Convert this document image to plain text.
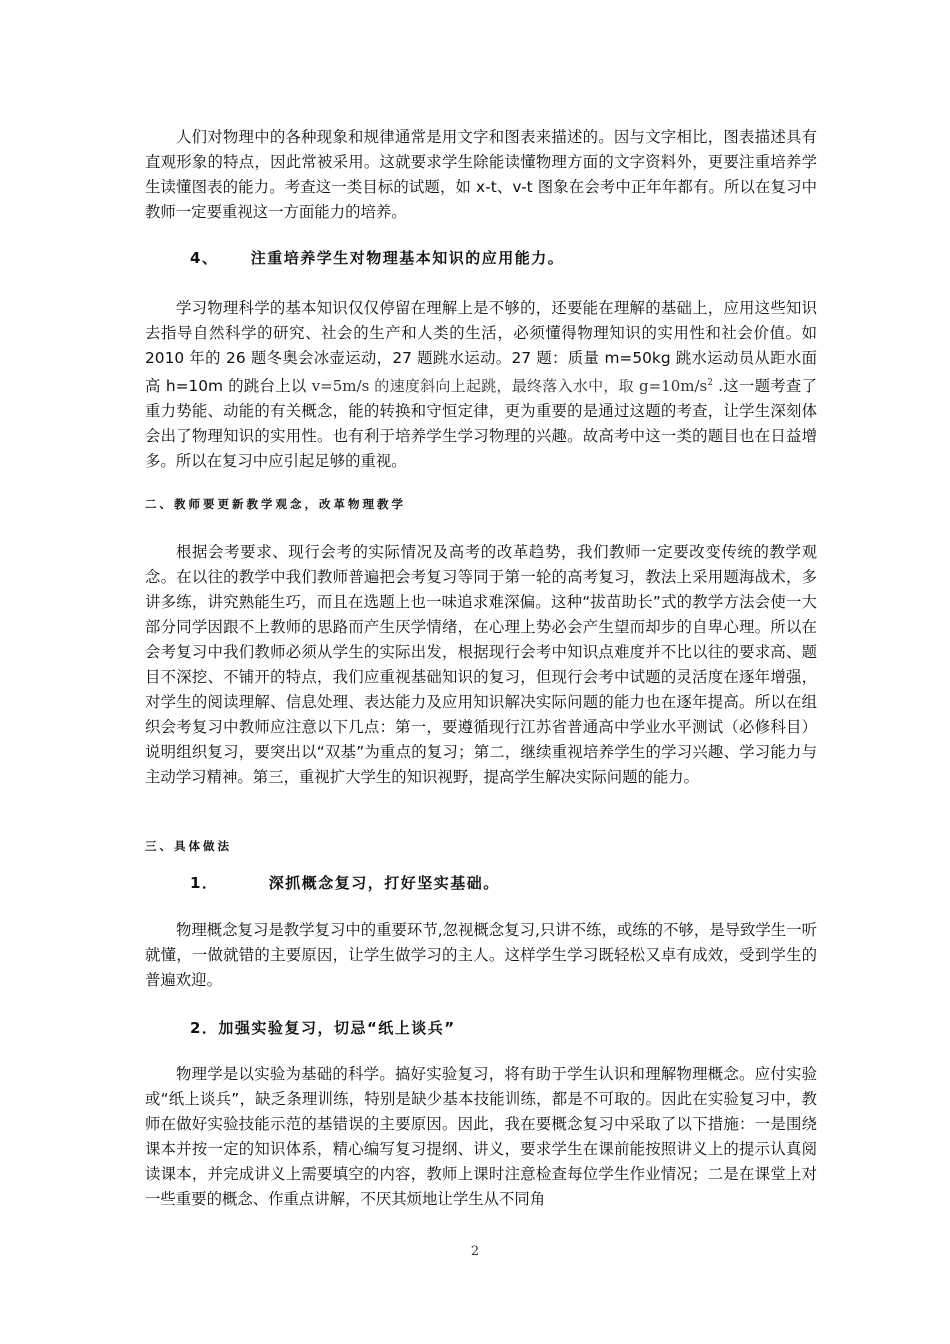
人们对物理中的各种现象和规律通常是用文字和图表来描述的。因与文字相比，图表描述具有直观形象的特点，因此常被采用。这就要求学生除能读懂物理方面的文字资料外，更要注重培养学生读懂图表的能力。考查这一类目标的试题，如 x-t、v-t 图象在会考中正年年都有。所以在复习中教师一定要重视这一方面能力的培养。

4、 注重培养学生对物理基本知识的应用能力。

学习物理科学的基本知识仅仅停留在理解上是不够的，还要能在理解的基础上，应用这些知识去指导自然科学的研究、社会的生产和人类的生活，必须懂得物理知识的实用性和社会价值。如 2010 年的 26 题冬奥会冰壶运动，27 题跳水运动。27 题：质量 m=50kg 跳水运动员从距水面高 h=10m 的跳台上以 v=5m/s 的速度斜向上起跳，最终落入水中，取 $g=10m/s^2$ .这一题考查了重力势能、动能的有关概念，能的转换和守恒定律，更为重要的是通过这题的考查，让学生深刻体会出了物理知识的实用性。也有利于培养学生学习物理的兴趣。故高考中这一类的题目也在日益增多。所以在复习中应引起足够的重视。

二、教师要更新教学观念，改革物理教学

根据会考要求、现行会考的实际情况及高考的改革趋势，我们教师一定要改变传统的教学观念。在以往的教学中我们教师普遍把会考复习等同于第一轮的高考复习，教法上采用题海战术，多讲多练，讲究熟能生巧，而且在选题上也一味追求难深偏。这种“拔苗助长”式的教学方法会使一大部分同学因跟不上教师的思路而产生厌学情绪，在心理上势必会产生望而却步的自卑心理。所以在会考复习中我们教师必须从学生的实际出发，根据现行会考中知识点难度并不比以往的要求高、题目不深挖、不铺开的特点，我们应重视基础知识的复习，但现行会考中试题的灵活度在逐年增强，对学生的阅读理解、信息处理、表达能力及应用知识解决实际问题的能力也在逐年提高。所以在组织会考复习中教师应注意以下几点：第一，要遵循现行江苏省普通高中学业水平测试（必修科目）说明组织复习，要突出以“双基”为重点的复习；第二，继续重视培养学生的学习兴趣、学习能力与主动学习精神。第三，重视扩大学生的知识视野，提高学生解决实际问题的能力。

三、具体做法
1．	深抓概念复习，打好坚实基础。

物理概念复习是教学复习中的重要环节,忽视概念复习,只讲不练，或练的不够，是导致学生一听就懂，一做就错的主要原因，让学生做学习的主人。这样学生学习既轻松又卓有成效，受到学生的普遍欢迎。

2．加强实验复习，切忌“纸上谈兵”

物理学是以实验为基础的科学。搞好实验复习，将有助于学生认识和理解物理概念。应付实验或“纸上谈兵”，缺乏条理训练，特别是缺少基本技能训练，都是不可取的。因此在实验复习中，教师在做好实验技能示范的基错误的主要原因。因此，我在要概念复习中采取了以下措施：一是围绕课本并按一定的知识体系，精心编写复习提纲、讲义，要求学生在课前能按照讲义上的提示认真阅读课本，并完成讲义上需要填空的内容，教师上课时注意检查每位学生作业情况；二是在课堂上对一些重要的概念、作重点讲解，不厌其烦地让学生从不同角

2
